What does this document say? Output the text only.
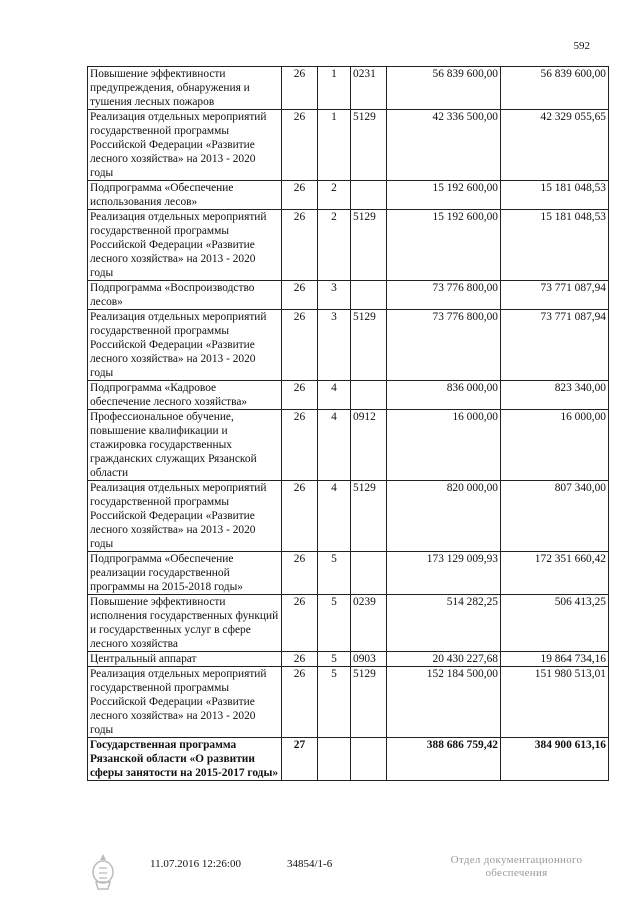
592
Повышение эффективности предупреждения, обнаружения и тушения лесных пожаров	26	1	0231	56 839 600,00	56 839 600,00
Реализация отдельных мероприятий государственной программы Российской Федерации «Развитие лесного хозяйства» на 2013 - 2020 годы	26	1	5129	42 336 500,00	42 329 055,65
Подпрограмма «Обеспечение использования лесов»	26	2		15 192 600,00	15 181 048,53
Реализация отдельных мероприятий государственной программы Российской Федерации «Развитие лесного хозяйства» на 2013 - 2020 годы	26	2	5129	15 192 600,00	15 181 048,53
Подпрограмма «Воспроизводство лесов»	26	3		73 776 800,00	73 771 087,94
Реализация отдельных мероприятий государственной программы Российской Федерации «Развитие лесного хозяйства» на 2013 - 2020 годы	26	3	5129	73 776 800,00	73 771 087,94
Подпрограмма «Кадровое обеспечение лесного хозяйства»	26	4		836 000,00	823 340,00
Профессиональное обучение, повышение квалификации и стажировка государственных гражданских служащих Рязанской области	26	4	0912	16 000,00	16 000,00
Реализация отдельных мероприятий государственной программы Российской Федерации «Развитие лесного хозяйства» на 2013 - 2020 годы	26	4	5129	820 000,00	807 340,00
Подпрограмма «Обеспечение реализации государственной программы на 2015-2018 годы»	26	5		173 129 009,93	172 351 660,42
Повышение эффективности исполнения государственных функций и государственных услуг в сфере лесного хозяйства	26	5	0239	514 282,25	506 413,25
Центральный аппарат	26	5	0903	20 430 227,68	19 864 734,16
Реализация отдельных мероприятий государственной программы Российской Федерации «Развитие лесного хозяйства» на 2013 - 2020 годы	26	5	5129	152 184 500,00	151 980 513,01
Государственная программа Рязанской области «О развитии сферы занятости на 2015-2017 годы»	27			388 686 759,42	384 900 613,16
11.07.2016 12:26:00	34854/1-6	Отдел документационного
обеспечения
